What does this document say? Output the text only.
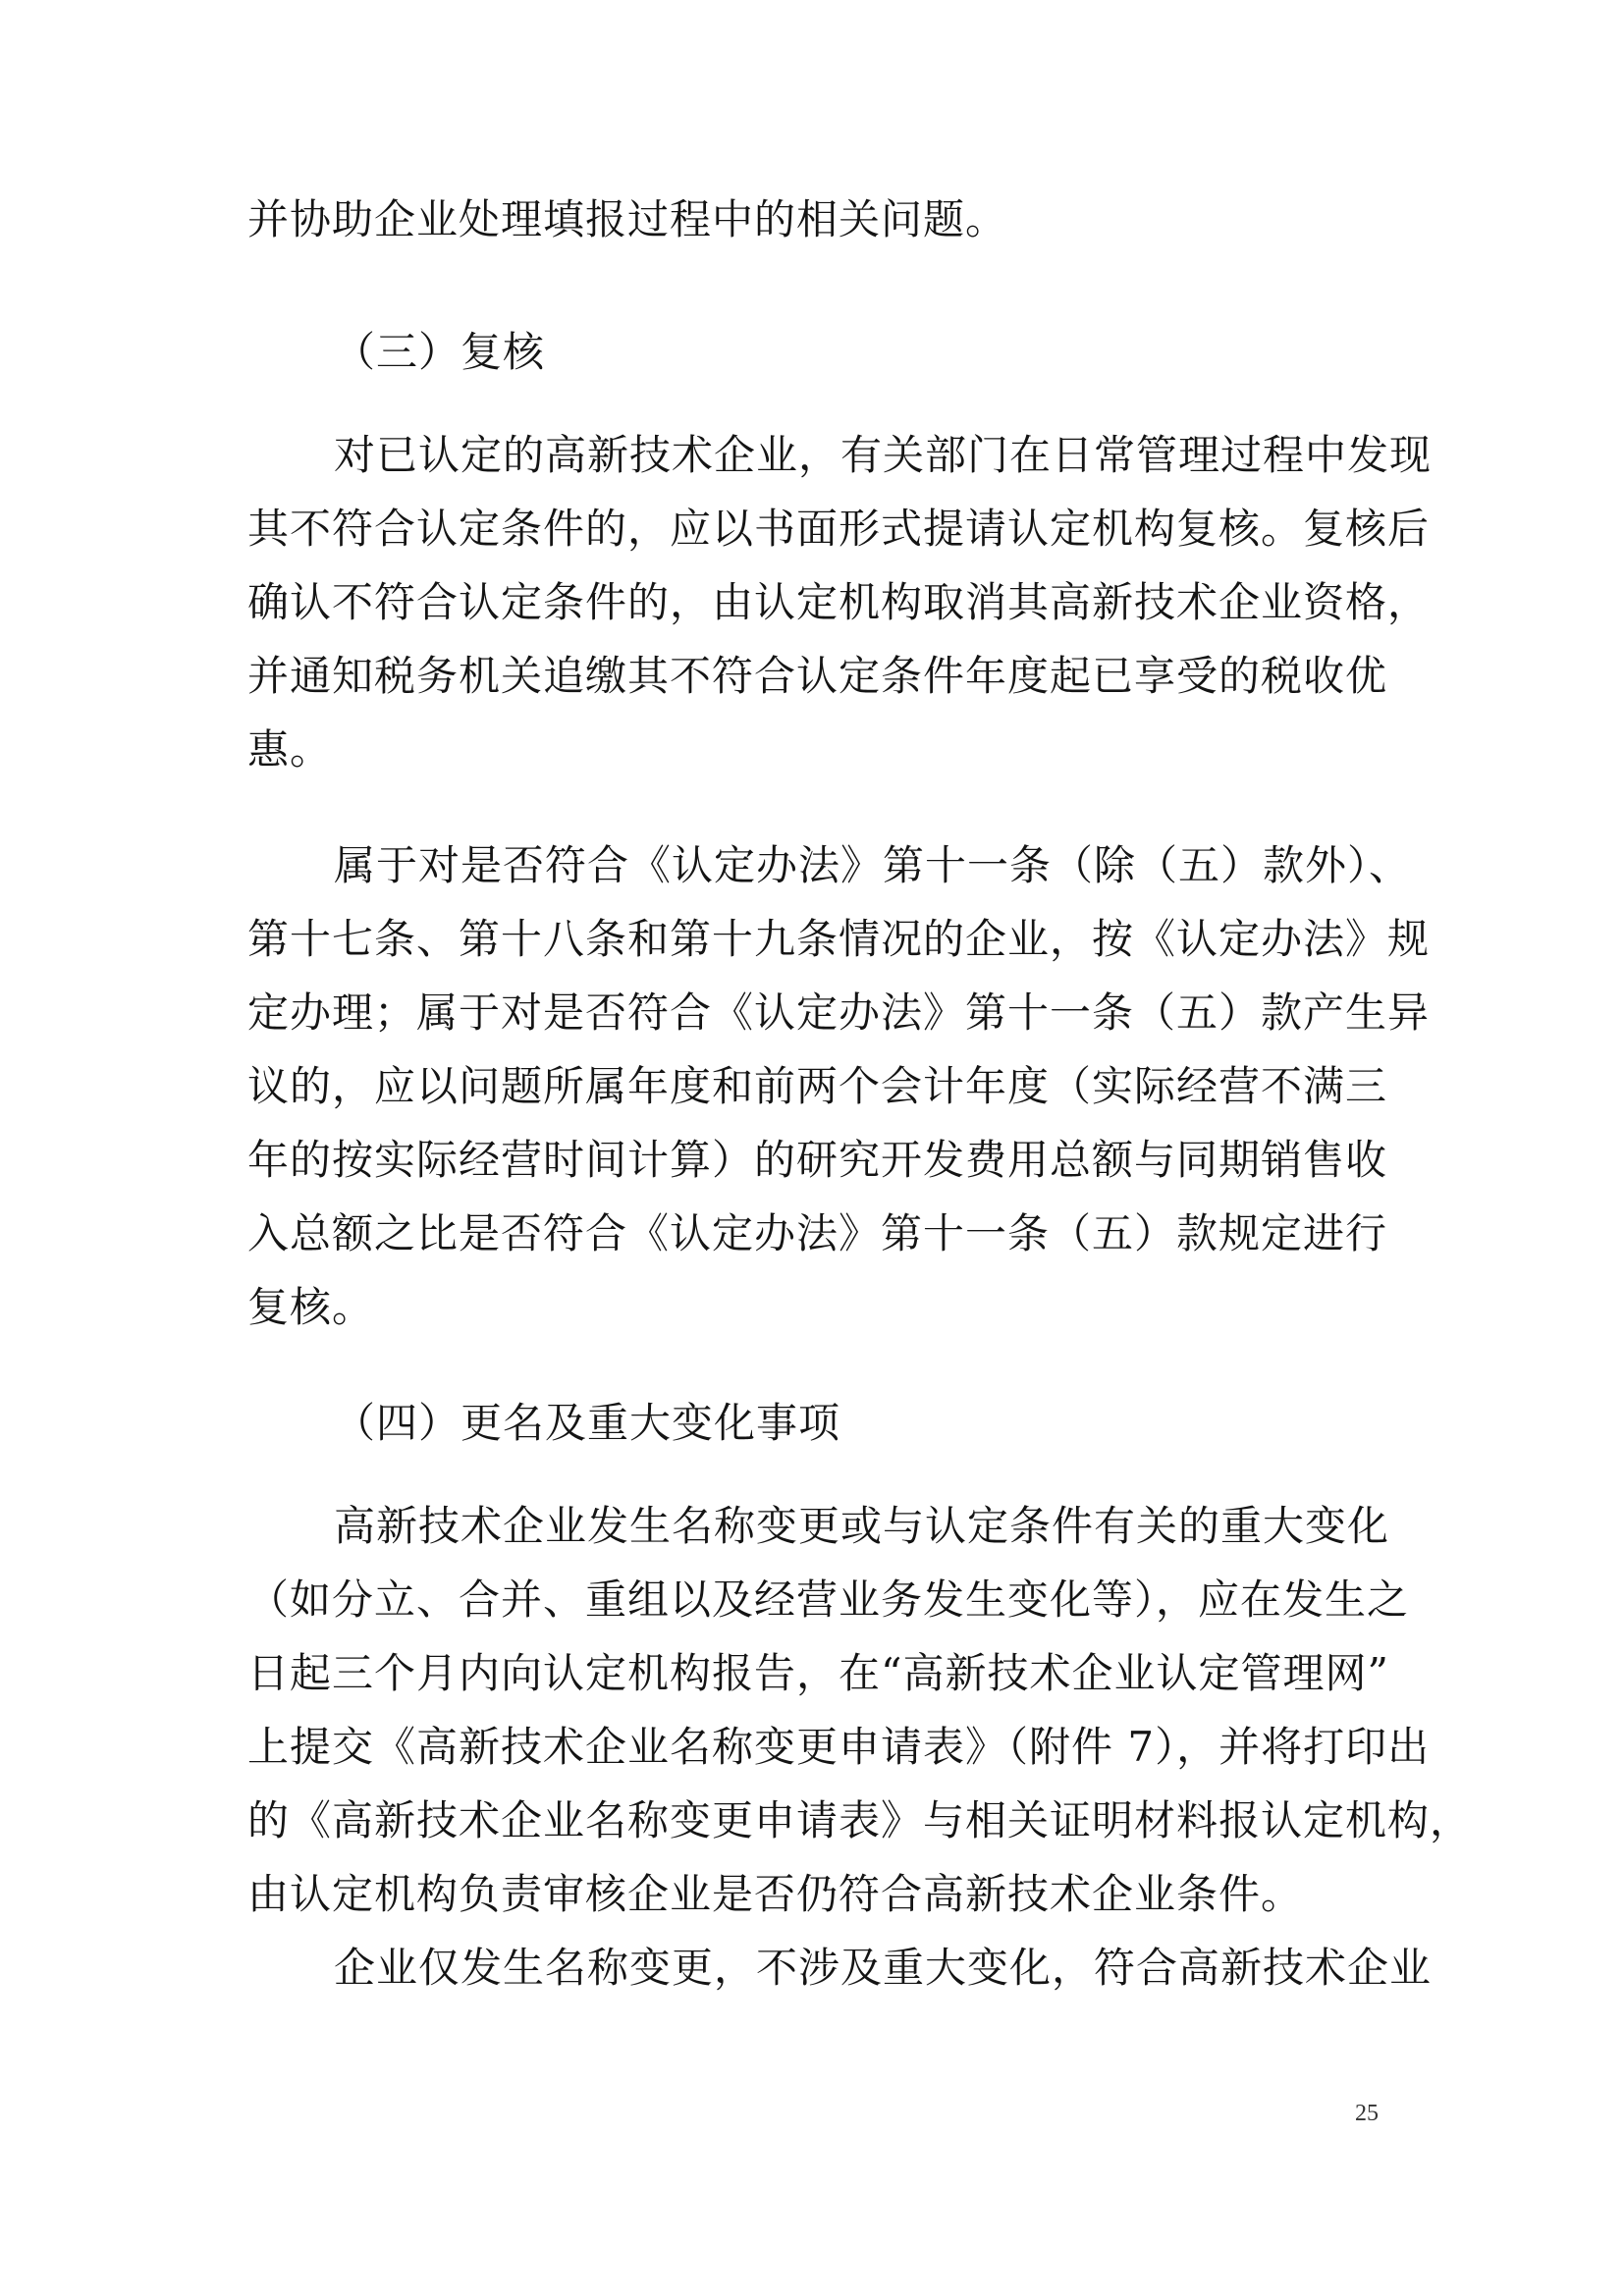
并协助企业处理填报过程中的相关问题。

（三）复核

对已认定的高新技术企业，有关部门在日常管理过程中发现

其不符合认定条件的，应以书面形式提请认定机构复核。复核后

确认不符合认定条件的，由认定机构取消其高新技术企业资格，

并通知税务机关追缴其不符合认定条件年度起已享受的税收优

惠。

属于对是否符合《认定办法》第十一条（除（五）款外）、

第十七条、第十八条和第十九条情况的企业，按《认定办法》规

定办理；属于对是否符合《认定办法》第十一条（五）款产生异

议的，应以问题所属年度和前两个会计年度（实际经营不满三

年的按实际经营时间计算）的研究开发费用总额与同期销售收

入总额之比是否符合《认定办法》第十一条（五）款规定进行

复核。

（四）更名及重大变化事项

高新技术企业发生名称变更或与认定条件有关的重大变化

（如分立、合并、重组以及经营业务发生变化等），应在发生之

日起三个月内向认定机构报告，在“高新技术企业认定管理网”

上提交《高新技术企业名称变更申请表》（附件 7），并将打印出

的《高新技术企业名称变更申请表》与相关证明材料报认定机构，

由认定机构负责审核企业是否仍符合高新技术企业条件。

企业仅发生名称变更，不涉及重大变化，符合高新技术企业

25
